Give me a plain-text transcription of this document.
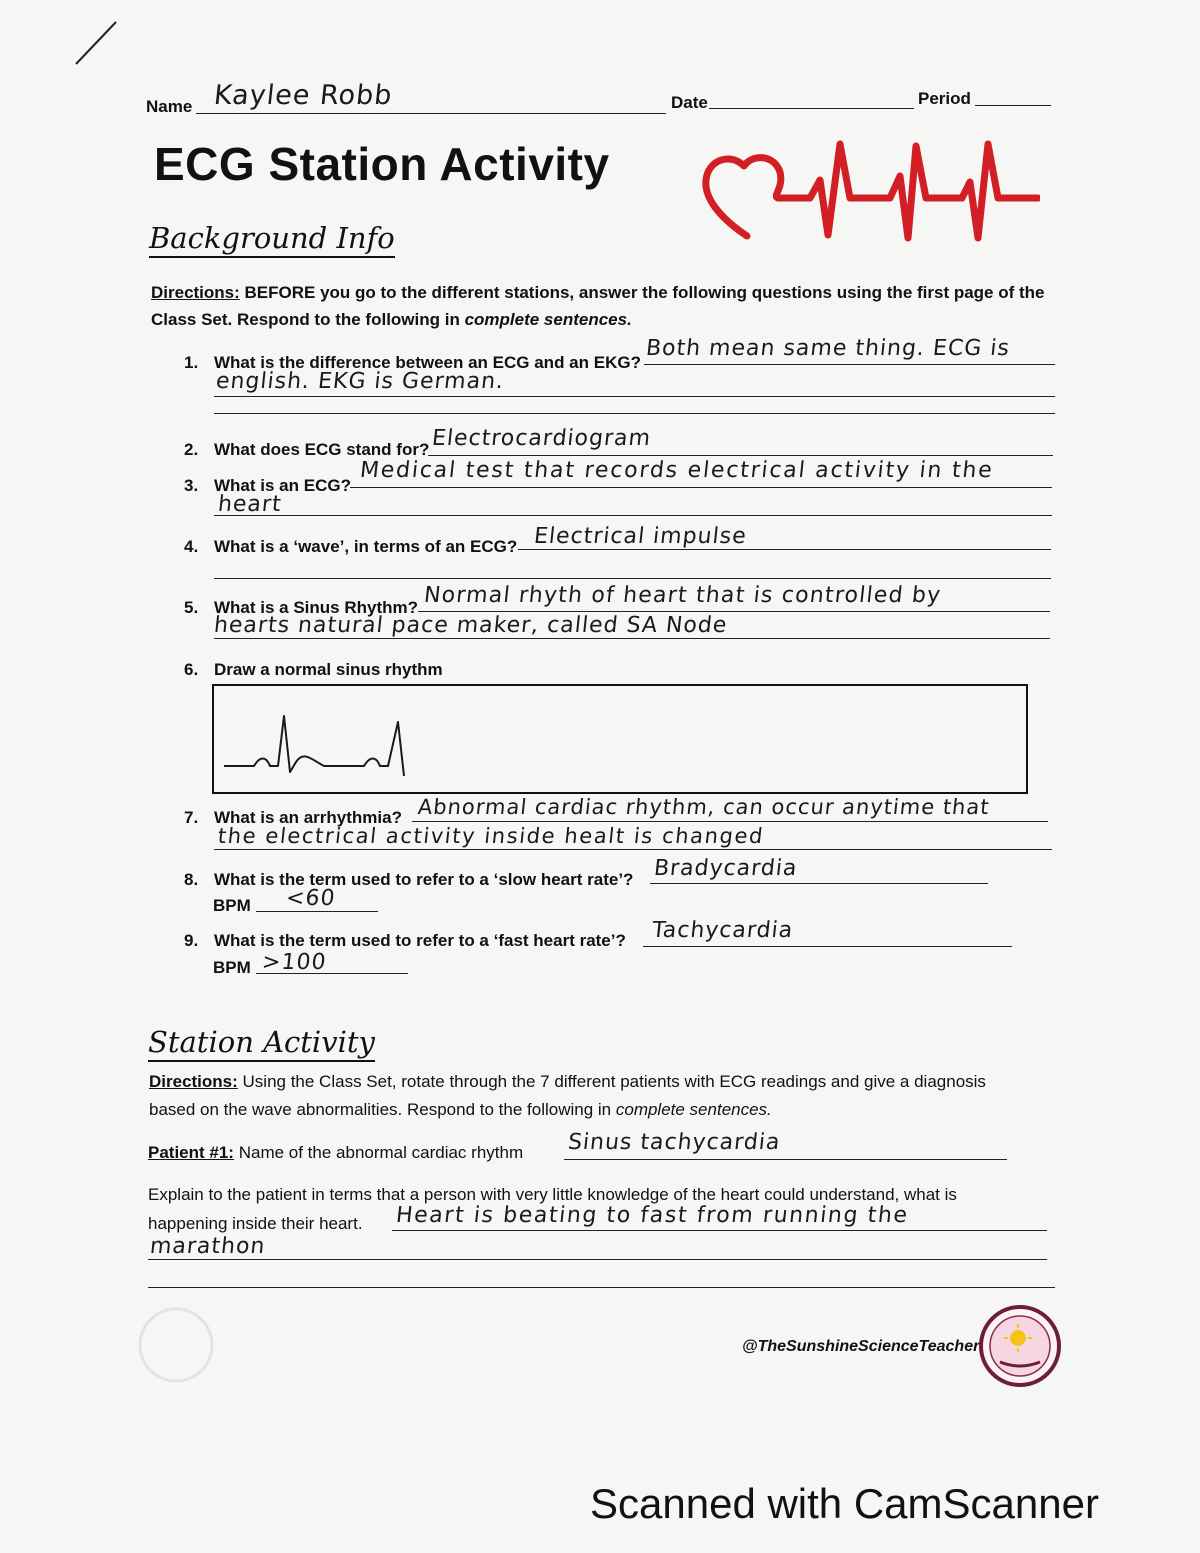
Name Kaylee Robb	Date	Period
ECG Station Activity
Background Info
Directions: BEFORE you go to the different stations, answer the following questions using the first page of the
Class Set. Respond to the following in complete sentences.
1. What is the difference between an ECG and an EKG?
Both mean same thing. ECG is
english. EKG is German.
2. What does ECG stand for? Electrocardiogram
3. What is an ECG?
Medical test that records electrical activity in the
heart
4. What is a ‘wave’, in terms of an ECG? Electrical impulse
5. What is a Sinus Rhythm? Normal rhyth of heart that is controlled by
hearts natural pace maker, called SA Node
6. Draw a normal sinus rhythm
7. What is an arrhythmia? Abnormal cardiac rhythm, can occur anytime that
the electrical activity inside healt is changed
8. What is the term used to refer to a ‘slow heart rate’? Bradycardia
BPM <60
9. What is the term used to refer to a ‘fast heart rate’? Tachycardia
BPM >100
Station Activity
Directions: Using the Class Set, rotate through the 7 different patients with ECG readings and give a diagnosis
based on the wave abnormalities. Respond to the following in complete sentences.
Patient #1: Name of the abnormal cardiac rhythm Sinus tachycardia
Explain to the patient in terms that a person with very little knowledge of the heart could understand, what is
happening inside their heart. Heart is beating to fast from running the
marathon
@TheSunshineScienceTeacher
Scanned with CamScanner
